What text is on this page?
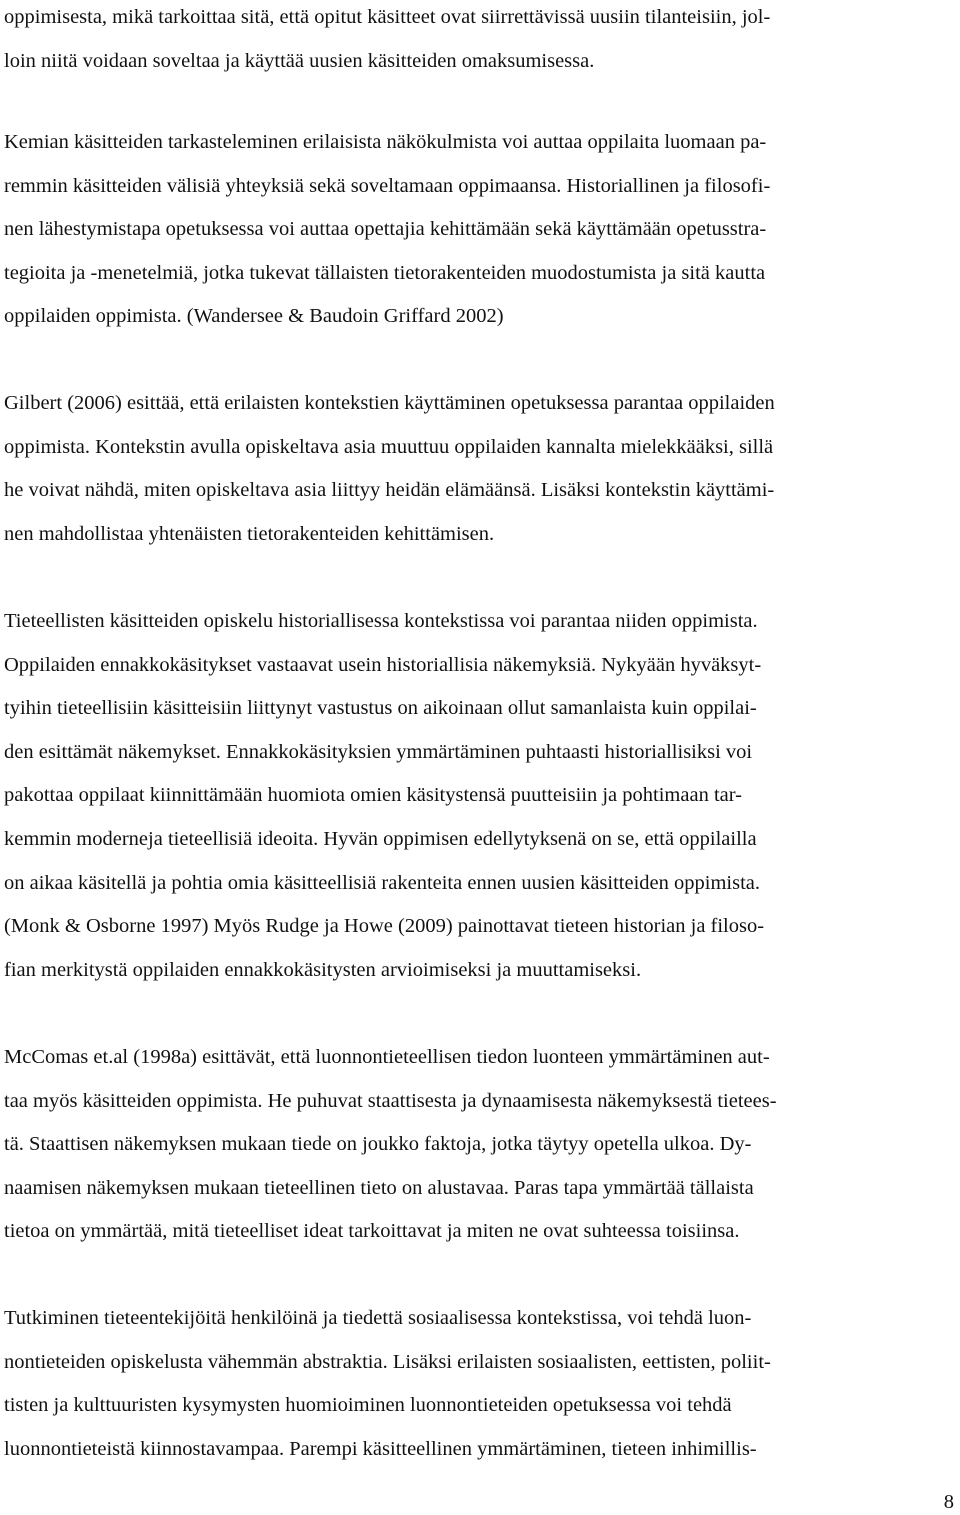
oppimisesta, mikä tarkoittaa sitä, että opitut käsitteet ovat siirrettävissä uusiin tilanteisiin, jol-
loin niitä voidaan soveltaa ja käyttää uusien käsitteiden omaksumisessa.

Kemian käsitteiden tarkasteleminen erilaisista näkökulmista voi auttaa oppilaita luomaan pa-
remmin käsitteiden välisiä yhteyksiä sekä soveltamaan oppimaansa. Historiallinen ja filosofi-
nen lähestymistapa opetuksessa voi auttaa opettajia kehittämään sekä käyttämään opetusstra-
tegioita ja -menetelmiä, jotka tukevat tällaisten tietorakenteiden muodostumista ja sitä kautta
oppilaiden oppimista. (Wandersee & Baudoin Griffard 2002)

Gilbert (2006) esittää, että erilaisten kontekstien käyttäminen opetuksessa parantaa oppilaiden
oppimista. Kontekstin avulla opiskeltava asia muuttuu oppilaiden kannalta mielekkääksi, sillä
he voivat nähdä, miten opiskeltava asia liittyy heidän elämäänsä. Lisäksi kontekstin käyttämi-
nen mahdollistaa yhtenäisten tietorakenteiden kehittämisen.

Tieteellisten käsitteiden opiskelu historiallisessa kontekstissa voi parantaa niiden oppimista.
Oppilaiden ennakkokäsitykset vastaavat usein historiallisia näkemyksiä. Nykyään hyväksyt-
tyihin tieteellisiin käsitteisiin liittynyt vastustus on aikoinaan ollut samanlaista kuin oppilai-
den esittämät näkemykset. Ennakkokäsityksien ymmärtäminen puhtaasti historiallisiksi voi
pakottaa oppilaat kiinnittämään huomiota omien käsitystensä puutteisiin ja pohtimaan tar-
kemmin moderneja tieteellisiä ideoita. Hyvän oppimisen edellytyksenä on se, että oppilailla
on aikaa käsitellä ja pohtia omia käsitteellisiä rakenteita ennen uusien käsitteiden oppimista.
(Monk & Osborne 1997) Myös Rudge ja Howe (2009) painottavat tieteen historian ja filoso-
fian merkitystä oppilaiden ennakkokäsitysten arvioimiseksi ja muuttamiseksi.

McComas et.al (1998a) esittävät, että luonnontieteellisen tiedon luonteen ymmärtäminen aut-
taa myös käsitteiden oppimista. He puhuvat staattisesta ja dynaamisesta näkemyksestä tietees-
tä. Staattisen näkemyksen mukaan tiede on joukko faktoja, jotka täytyy opetella ulkoa. Dy-
naamisen näkemyksen mukaan tieteellinen tieto on alustavaa. Paras tapa ymmärtää tällaista
tietoa on ymmärtää, mitä tieteelliset ideat tarkoittavat ja miten ne ovat suhteessa toisiinsa.

Tutkiminen tieteentekijöitä henkilöinä ja tiedettä sosiaalisessa kontekstissa, voi tehdä luon-
nontieteiden opiskelusta vähemmän abstraktia. Lisäksi erilaisten sosiaalisten, eettisten, poliit-
tisten ja kulttuuristen kysymysten huomioiminen luonnontieteiden opetuksessa voi tehdä
luonnontieteistä kiinnostavampaa. Parempi käsitteellinen ymmärtäminen, tieteen inhimillis-

8
